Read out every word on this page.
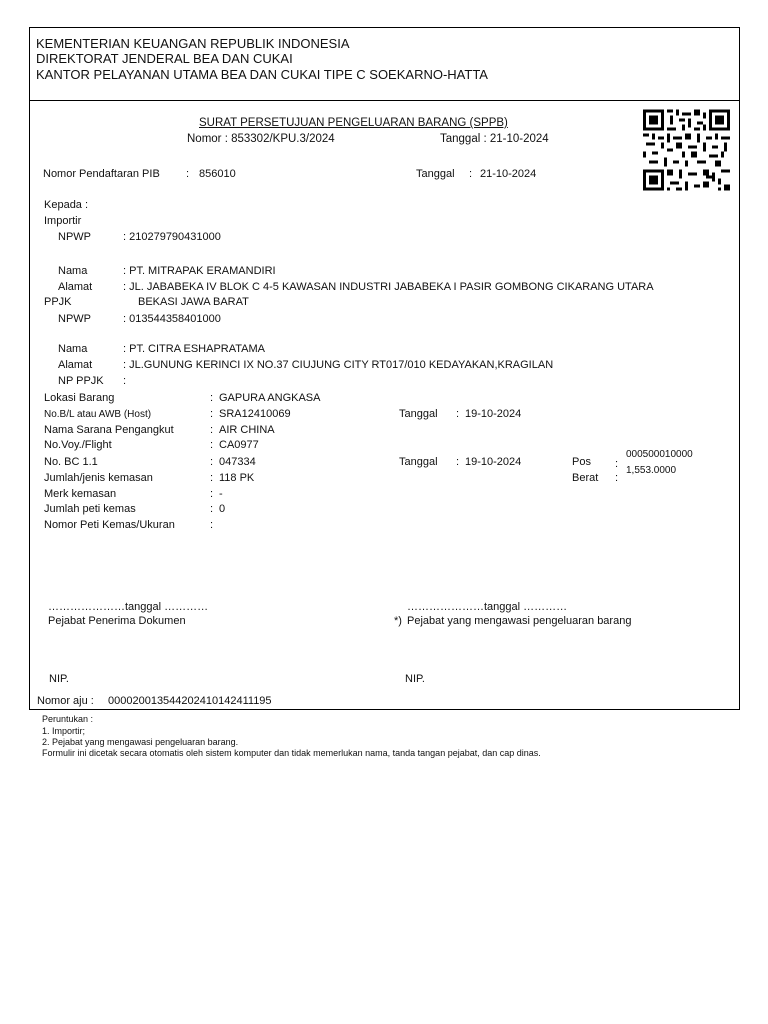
KEMENTERIAN KEUANGAN REPUBLIK INDONESIA
DIREKTORAT JENDERAL BEA DAN CUKAI
KANTOR PELAYANAN UTAMA BEA DAN CUKAI TIPE C SOEKARNO-HATTA
SURAT PERSETUJUAN PENGELUARAN BARANG (SPPB)
Nomor : 853302/KPU.3/2024	Tanggal : 21-10-2024
Nomor Pendaftaran PIB : 856010	Tanggal : 21-10-2024
Kepada :
Importir
NPWP	: 210279790431000
Nama	: PT. MITRAPAK ERAMANDIRI
Alamat	: JL. JABABEKA IV BLOK C 4-5 KAWASAN INDUSTRI JABABEKA I PASIR GOMBONG CIKARANG UTARA
BEKASI JAWA BARAT
PPJK
NPWP	: 013544358401000
Nama	: PT. CITRA ESHAPRATAMA
Alamat	: JL.GUNUNG KERINCI IX NO.37 CIUJUNG CITY RT017/010 KEDAYAKAN,KRAGILAN
NP PPJK :
Lokasi Barang	: GAPURA ANGKASA
No.B/L atau AWB (Host)	: SRA12410069	Tanggal : 19-10-2024
Nama Sarana Pengangkut	: AIR CHINA
No.Voy./Flight	: CA0977
No. BC 1.1	: 047334	Tanggal : 19-10-2024	Pos :
000500010000
Berat :
1,553.0000
Jumlah/jenis kemasan	: 118 PK
Merk kemasan	: -
Jumlah peti kemas	: 0
Nomor Peti Kemas/Ukuran	:
…………………tanggal …………
Pejabat Penerima Dokumen
…………………tanggal …………
*) Pejabat yang mengawasi pengeluaran barang
NIP.	NIP.
Nomor aju : 000020013544202410142411195
Peruntukan :
1. Importir;
2. Pejabat yang mengawasi pengeluaran barang.
Formulir ini dicetak secara otomatis oleh sistem komputer dan tidak memerlukan nama, tanda tangan pejabat, dan cap dinas.
